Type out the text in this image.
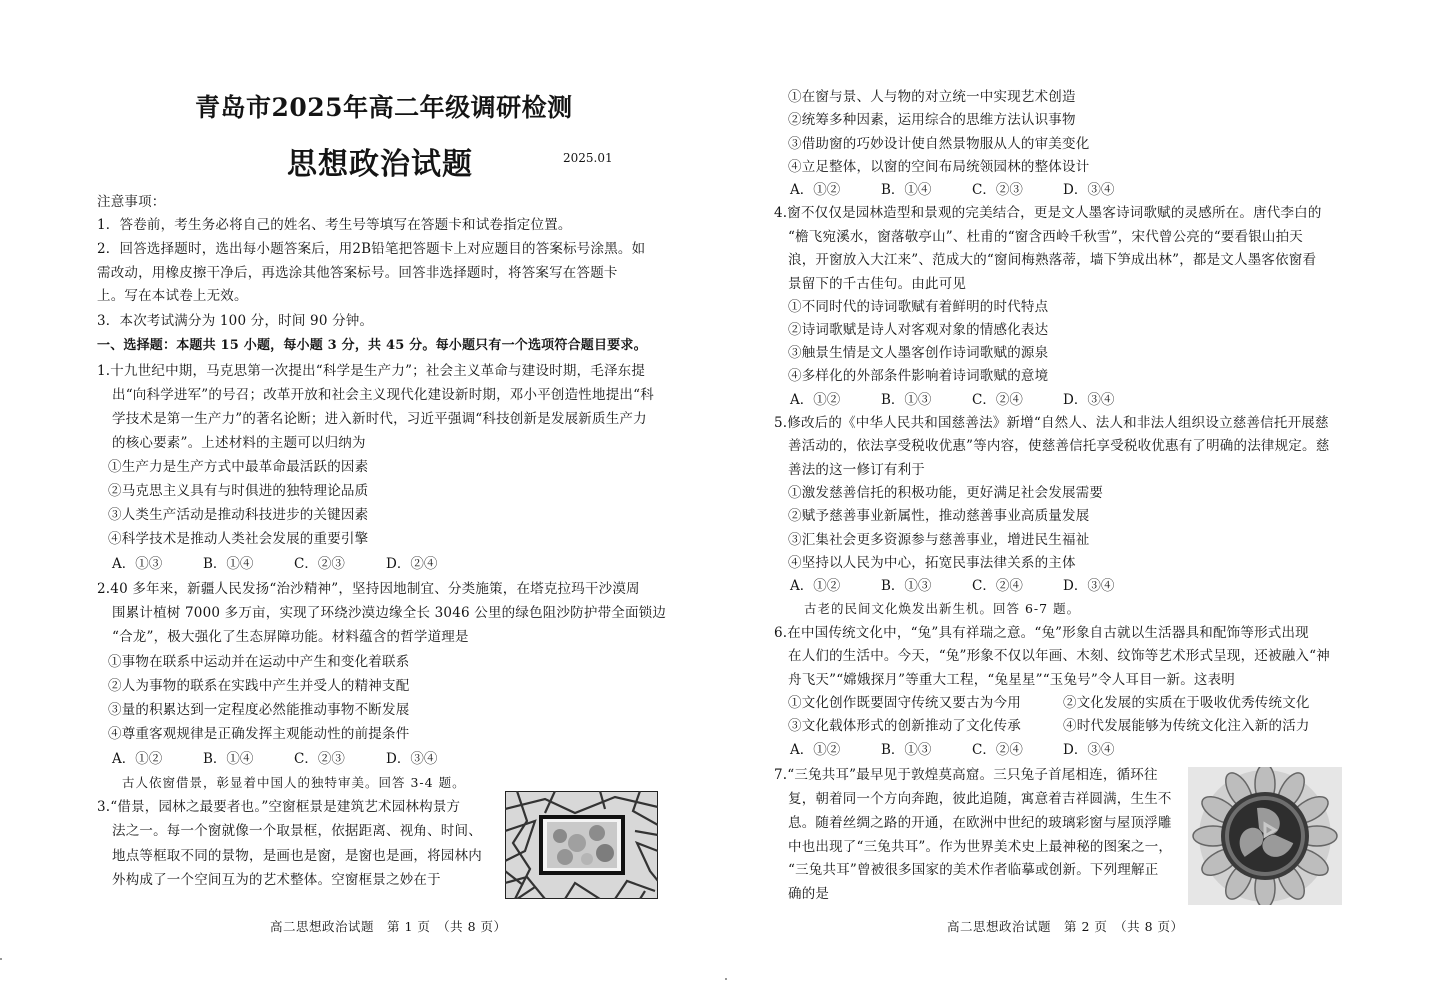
青岛市2025年高二年级调研检测
思想政治试题	2025.01
注意事项：
1．答卷前，考生务必将自己的姓名、考生号等填写在答题卡和试卷指定位置。
2．回答选择题时，选出每小题答案后，用2B铅笔把答题卡上对应题目的答案标号涂黑。如
需改动，用橡皮擦干净后，再选涂其他答案标号。回答非选择题时，将答案写在答题卡
上。写在本试卷上无效。
3．本次考试满分为 100 分，时间 90 分钟。
一、选择题：本题共 15 小题，每小题 3 分，共 45 分。每小题只有一个选项符合题目要求。
1.十九世纪中期，马克思第一次提出“科学是生产力”；社会主义革命与建设时期，毛泽东提
出“向科学进军”的号召；改革开放和社会主义现代化建设新时期，邓小平创造性地提出“科
学技术是第一生产力”的著名论断；进入新时代，习近平强调“科技创新是发展新质生产力
的核心要素”。上述材料的主题可以归纳为
①生产力是生产方式中最革命最活跃的因素
②马克思主义具有与时俱进的独特理论品质
③人类生产活动是推动科技进步的关键因素
④科学技术是推动人类社会发展的重要引擎
A．①③	B．①④	C．②③	D．②④
2.40 多年来，新疆人民发扬“治沙精神”，坚持因地制宜、分类施策，在塔克拉玛干沙漠周
围累计植树 7000 多万亩，实现了环绕沙漠边缘全长 3046 公里的绿色阻沙防护带全面锁边
“合龙”，极大强化了生态屏障功能。材料蕴含的哲学道理是
①事物在联系中运动并在运动中产生和变化着联系
②人为事物的联系在实践中产生并受人的精神支配
③量的积累达到一定程度必然能推动事物不断发展
④尊重客观规律是正确发挥主观能动性的前提条件
A．①②	B．①④	C．②③	D．③④
古人依窗借景，彰显着中国人的独特审美。回答 3-4 题。
3.“借景，园林之最要者也。”空窗框景是建筑艺术园林构景方
法之一。每一个窗就像一个取景框，依据距离、视角、时间、
地点等框取不同的景物，是画也是窗，是窗也是画，将园林内
外构成了一个空间互为的艺术整体。空窗框景之妙在于
高二思想政治试题　第 1 页　（共 8 页）
①在窗与景、人与物的对立统一中实现艺术创造
②统筹多种因素，运用综合的思维方法认识事物
③借助窗的巧妙设计使自然景物服从人的审美变化
④立足整体，以窗的空间布局统领园林的整体设计
A．①②	B．①④	C．②③	D．③④
4.窗不仅仅是园林造型和景观的完美结合，更是文人墨客诗词歌赋的灵感所在。唐代李白的
“檐飞宛溪水，窗落敬亭山”、杜甫的“窗含西岭千秋雪”，宋代曾公亮的“要看银山拍天
浪，开窗放入大江来”、范成大的“窗间梅熟落蒂，墙下笋成出林”，都是文人墨客依窗看
景留下的千古佳句。由此可见
①不同时代的诗词歌赋有着鲜明的时代特点
②诗词歌赋是诗人对客观对象的情感化表达
③触景生情是文人墨客创作诗词歌赋的源泉
④多样化的外部条件影响着诗词歌赋的意境
A．①②	B．①③	C．②④	D．③④
5.修改后的《中华人民共和国慈善法》新增“自然人、法人和非法人组织设立慈善信托开展慈
善活动的，依法享受税收优惠”等内容，使慈善信托享受税收优惠有了明确的法律规定。慈
善法的这一修订有利于
①激发慈善信托的积极功能，更好满足社会发展需要
②赋予慈善事业新属性，推动慈善事业高质量发展
③汇集社会更多资源参与慈善事业，增进民生福祉
④坚持以人民为中心，拓宽民事法律关系的主体
A．①②	B．①③	C．②④	D．③④
古老的民间文化焕发出新生机。回答 6-7 题。
6.在中国传统文化中，“兔”具有祥瑞之意。“兔”形象自古就以生活器具和配饰等形式出现
在人们的生活中。今天，“兔”形象不仅以年画、木刻、纹饰等艺术形式呈现，还被融入“神
舟飞天”“嫦娥探月”等重大工程，“兔星星”“玉兔号”令人耳目一新。这表明
①文化创作既要固守传统又要古为今用	②文化发展的实质在于吸收优秀传统文化
③文化载体形式的创新推动了文化传承	④时代发展能够为传统文化注入新的活力
A．①②	B．①③	C．②④	D．③④
7.“三兔共耳”最早见于敦煌莫高窟。三只兔子首尾相连，循环往
复，朝着同一个方向奔跑，彼此追随，寓意着吉祥圆满，生生不
息。随着丝绸之路的开通，在欧洲中世纪的玻璃彩窗与屋顶浮雕
中也出现了“三兔共耳”。作为世界美术史上最神秘的图案之一，
“三兔共耳”曾被很多国家的美术作者临摹或创新。下列理解正
确的是
高二思想政治试题　第 2 页　（共 8 页）
